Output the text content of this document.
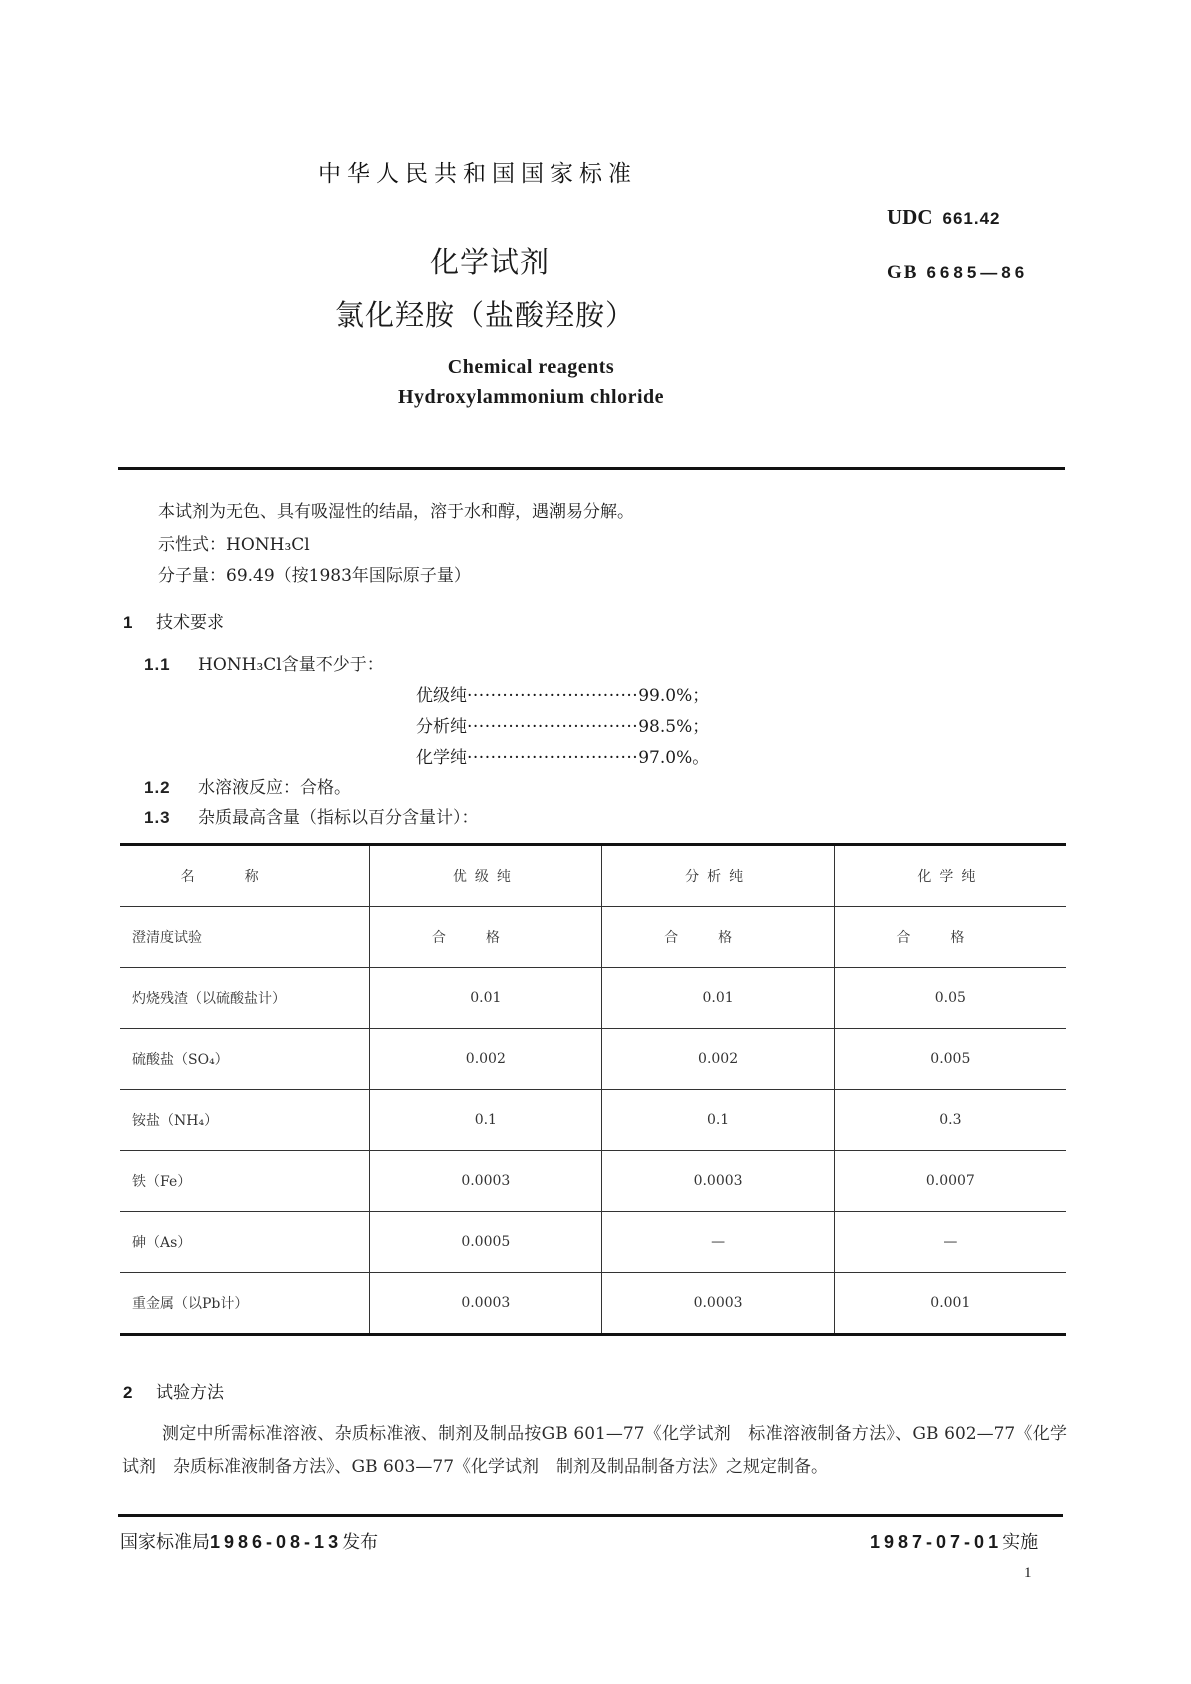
中华人民共和国国家标准
UDC 661.42
GB 6685—86
化学试剂
氯化羟胺（盐酸羟胺）
Chemical reagents
Hydroxylammonium chloride
本试剂为无色、具有吸湿性的结晶，溶于水和醇，遇潮易分解。
示性式：HONH₃Cl
分子量：69.49（按1983年国际原子量）
1 技术要求
1.1 HONH₃Cl含量不少于：
优级纯·····························99.0%；
分析纯·····························98.5%；
化学纯·····························97.0%。
1.2 水溶液反应：合格。
1.3 杂质最高含量（指标以百分含量计）：
名称	优级纯	分析纯	化学纯
澄清度试验	合格	合格	合格
灼烧残渣（以硫酸盐计）	0.01	0.01	0.05
硫酸盐（SO₄）	0.002	0.002	0.005
铵盐（NH₄）	0.1	0.1	0.3
铁（Fe）	0.0003	0.0003	0.0007
砷（As）	0.0005	—	—
重金属（以Pb计）	0.0003	0.0003	0.001
2 试验方法
测定中所需标准溶液、杂质标准液、制剂及制品按GB 601—77《化学试剂　标准溶液制备方法》、GB 602—77《化学试剂　杂质标准液制备方法》、GB 603—77《化学试剂　制剂及制品制备方法》之规定制备。
国家标准局1986-08-13发布	1987-07-01实施
1
